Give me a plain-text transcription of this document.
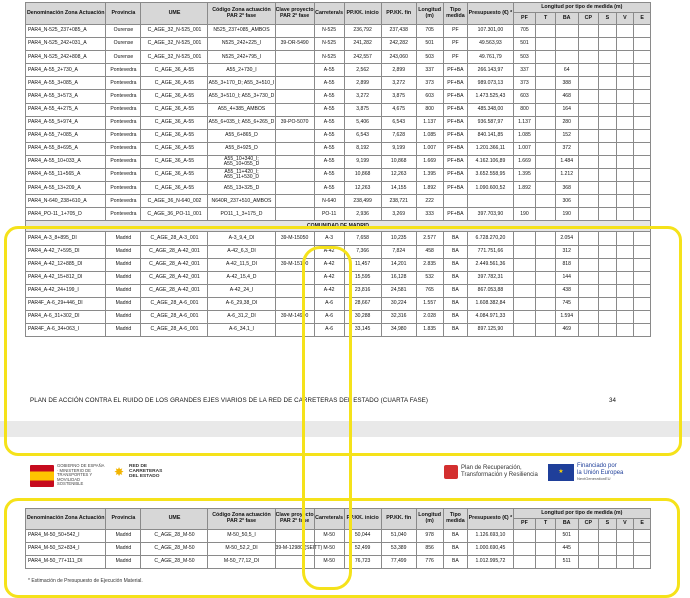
Denominación Zona Actuación	Provincia	UME	Código Zona actuación PAR 2ª fase	Clave proyecto PAR 2ª fase	Carretera/s	PP.KK. inicio	PP.KK. fin	Longitud (m)	Tipo medida	Presupuesto (€) *	Longitud por tipo de medida (m)						
											PF	T	BA	CP	S	V	E
PAR4_N-525_237+085_A	Ourense	C_AGE_32_N-525_001	N525_237+085_AMBOS		N-525	236,792	237,438	705	PF	107.301,00	705						
PAR4_N-525_242+031_A	Ourense	C_AGE_32_N-525_001	N525_242+225_I	39-OR-5490	N-525	241,282	242,282	501	PF	49.563,93	501						
PAR4_N-525_242+808_A	Ourense	C_AGE_32_N-525_001	N525_242+795_I		N-525	242,557	243,060	503	PF	49.761,79	503						
PAR4_A-55_2+730_A	Pontevedra	C_AGE_36_A-55	A55_2+730_I		A-55	2,562	2,899	337	PF+BA	266.143,97	337		64				
PAR4_A-55_3+085_A	Pontevedra	C_AGE_36_A-55	A55_3+170_D; A55_3+510_I		A-55	2,899	3,272	373	PF+BA	989.073,13	373		388				
PAR4_A-55_3+573_A	Pontevedra	C_AGE_36_A-55	A55_3+510_I; A55_3+730_D		A-55	3,272	3,875	603	PF+BA	1.473.525,43	603		468				
PAR4_A-55_4+275_A	Pontevedra	C_AGE_36_A-55	A55_4+385_AMBOS		A-55	3,875	4,675	800	PF+BA	485.348,00	800		164				
PAR4_A-55_5+974_A	Pontevedra	C_AGE_36_A-55	A55_6+035_I; A55_6+265_D	39-PO-5070	A-55	5,406	6,543	1.137	PF+BA	936.587,97	1.137		280				
PAR4_A-55_7+085_A	Pontevedra	C_AGE_36_A-55	A55_6+865_D		A-55	6,543	7,628	1.085	PF+BA	840.141,85	1.085		152				
PAR4_A-55_8+695_A	Pontevedra	C_AGE_36_A-55	A55_8+925_D		A-55	8,192	9,199	1.007	PF+BA	1.201.366,11	1.007		372				
PAR4_A-55_10+033_A	Pontevedra	C_AGE_36_A-55	A55_10+340_I; A55_10+055_D		A-55	9,199	10,868	1.669	PF+BA	4.162.106,89	1.669		1.484				
PAR4_A-55_11+565_A	Pontevedra	C_AGE_36_A-55	A55_11+420_I; A55_11+530_D		A-55	10,868	12,263	1.395	PF+BA	3.652.558,95	1.395		1.212				
PAR4_A-55_13+209_A	Pontevedra	C_AGE_36_A-55	A55_13+325_D		A-55	12,263	14,155	1.892	PF+BA	1.090.600,52	1.892		368				
PAR4_N-640_238+610_A	Pontevedra	C_AGE_36_N-640_002	N640R_237+510_AMBOS		N-640	238,499	238,721	222					306				
PAR4_PO-11_1+705_D	Pontevedra	C_AGE_36_PO-11_001	PO11_1_3+175_D		PO-11	2,936	3,269	333	PF+BA	397.703,90	190		190				
COMUNIDAD DE MADRID																	
PAR4_A-3_8+895_DI	Madrid	C_AGE_28_A-3_001	A-3_9,4_DI	39-M-15050	A-3	7,658	10,235	2.577	BA	6.728.270,20			2.054				
PAR4_A-42_7+595_DI	Madrid	C_AGE_28_A-42_001	A-42_6,3_DI		A-42	7,366	7,824	458	BA	771.751,66			312				
PAR4_A-42_12+885_DI	Madrid	C_AGE_28_A-42_001	A-42_11,5_DI	39-M-15100	A-42	11,457	14,201	2.835	BA	2.449.561,36			818				
PAR4_A-42_15+812_DI	Madrid	C_AGE_28_A-42_001	A-42_15,4_D		A-42	15,595	16,128	532	BA	397.782,31			144				
PAR4_A-42_24+199_I	Madrid	C_AGE_28_A-42_001	A-42_24_I		A-42	23,816	24,581	765	BA	867.053,88			438				
PAR4F_A-6_29+446_DI	Madrid	C_AGE_28_A-6_001	A-6_29,38_DI		A-6	28,667	30,224	1.557	BA	1.608.382,84			745				
PAR4_A-6_31+302_DI	Madrid	C_AGE_28_A-6_001	A-6_31,2_DI	39-M-14990	A-6	30,288	32,316	2.028	BA	4.084.971,33			1.594				
PAR4F_A-6_34+063_I	Madrid	C_AGE_28_A-6_001	A-6_34,1_I		A-6	33,145	34,980	1.835	BA	897.125,90			469				
PLAN DE ACCIÓN CONTRA EL RUIDO DE LOS GRANDES EJES VIARIOS DE LA RED DE CARRETERAS DEL ESTADO (CUARTA FASE)	34
GOBIERNO DE ESPAÑA · MINISTERIO DE TRANSPORTES Y MOVILIDAD SOSTENIBLE
✸	RED DE
CARRETERAS
DEL ESTADO
Plan de Recuperación,
Transformación y Resiliencia
★
Financiado por
la Unión Europea
NextGenerationEU
Denominación Zona Actuación	Provincia	UME	Código Zona actuación PAR 2ª fase	Clave proyecto PAR 2ª fase	Carretera/s	PP.KK. inicio	PP.KK. fin	Longitud (m)	Tipo medida	Presupuesto (€) *	Longitud por tipo de medida (m)						
											PF	T	BA	CP	S	V	E
PAR4_M-50_50+542_I	Madrid	C_AGE_28_M-50	M-50_50,5_I		M-50	50,044	51,040	978	BA	1.126.693,10			501				
PAR4_M-50_52+834_I	Madrid	C_AGE_28_M-50	M-50_52,2_DI	39-M-12980 (SEITT)	M-50	52,499	53,389	856	BA	1.000.690,45			445				
PAR4_M-50_77+111_DI	Madrid	C_AGE_28_M-50	M-50_77,12_DI		M-50	76,723	77,499	776	BA	1.012.995,72			511				
* Estimación de Presupuesto de Ejecución Material.
